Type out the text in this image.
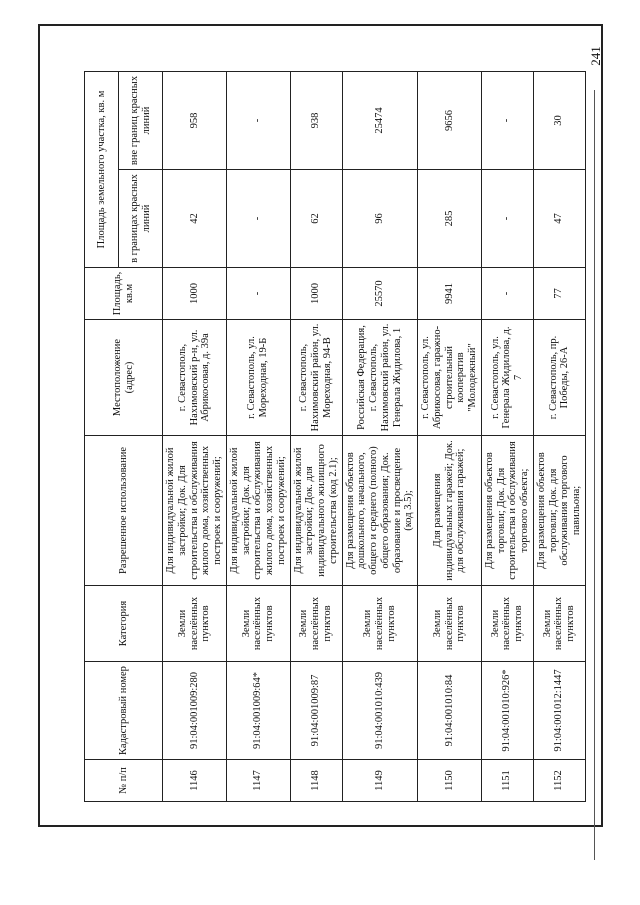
241
№ п/п	Кадастровый номер	Категория	Разрешенное использование	Местоположение (адрес)	Площадь, кв.м	Площадь земельного участка, кв. м	
						в границах красных линий	вне границ красных линий
1146	91:04:001009:280	Земли населённых пунктов	Для индивидуальной жилой застройки; Док. Для строительства и обслуживания жилого дома, хозяйственных построек и сооружений;	г. Севастополь, Нахимовский р-н, ул. Абрикосовая, д. 39а	1000	42	958
1147	91:04:001009:64*	Земли населённых пунктов	Для индивидуальной жилой застройки; Док. для строительства и обслуживания жилого дома, хозяйственных построек и сооружений;	г. Севастополь, ул. Мореходная, 19-Б	-	-	-
1148	91:04:001009:87	Земли населённых пунктов	Для индивидуальной жилой застройки; Док. для индивидуального жилищного строительства (код 2.1);	г. Севастополь, Нахимовский район, ул. Мореходная, 94-В	1000	62	938
1149	91:04:001010:439	Земли населённых пунктов	Для размещения объектов дошкольного, начального, общего и среднего (полного) общего образования; Док. образование и просвещение (код 3.5);	Российская Федерация, г. Севастополь, Нахимовский район, ул. Генерала Жидилова, 1	25570	96	25474
1150	91:04:001010:84	Земли населённых пунктов	Для размещения индивидуальных гаражей; Док. для обслуживания гаражей;	г. Севастополь, ул. Абрикосовая, гаражно-строительный кооператив "Молодежный"	9941	285	9656
1151	91:04:001010:926*	Земли населённых пунктов	Для размещения объектов торговли; Док. Для строительства и обслуживания торгового объекта;	г. Севастополь, ул. Генерала Жидилова, д. 7	-	-	-
1152	91:04:001012:1447	Земли населённых пунктов	Для размещения объектов торговли; Док. для обслуживания торгового павильона;	г. Севастополь, пр. Победы, 26-А	77	47	30
